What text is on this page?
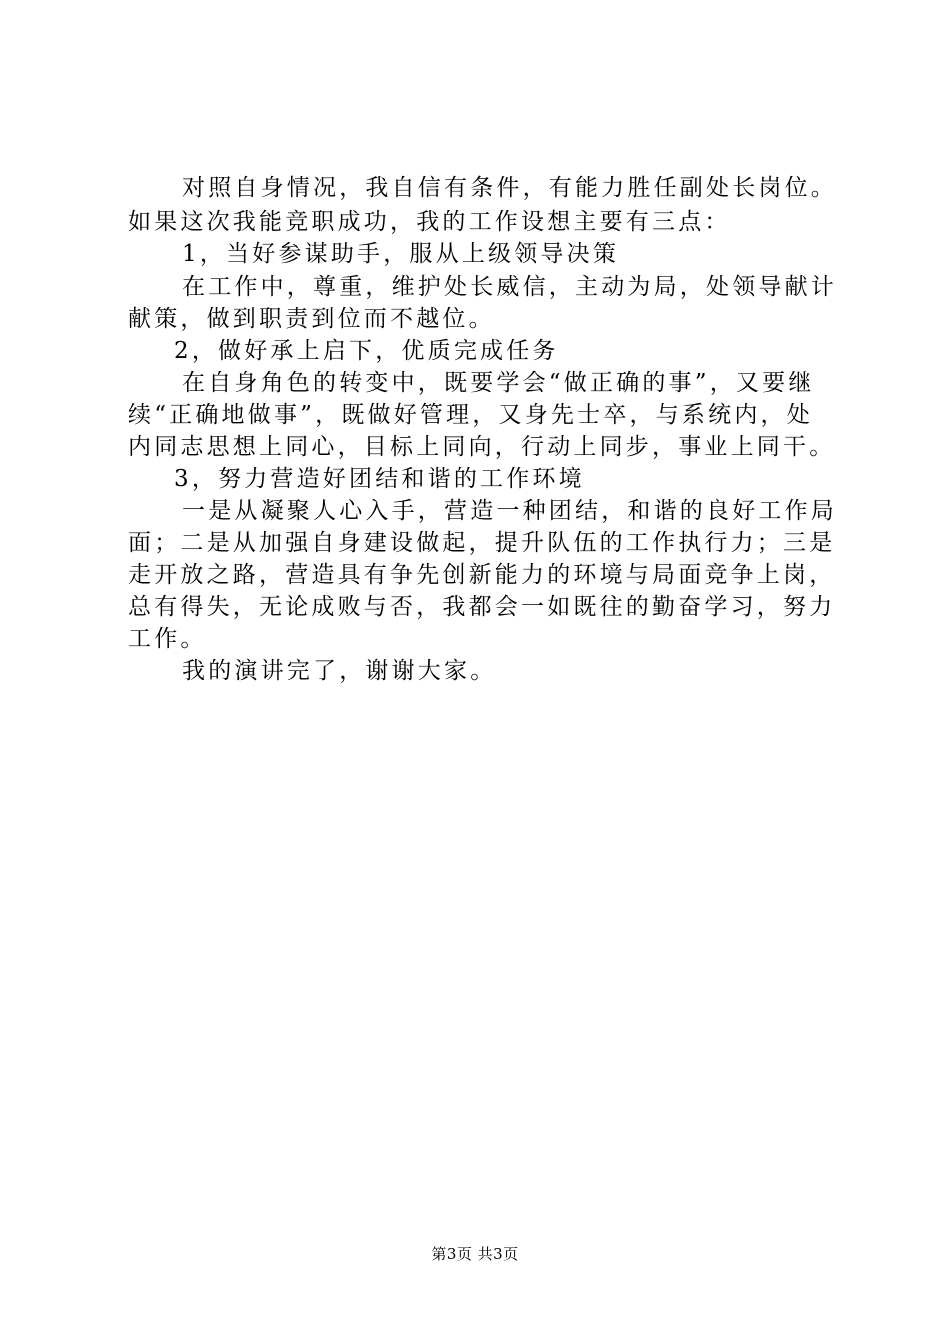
对照自身情况，我自信有条件，有能力胜任副处长岗位。
如果这次我能竞职成功，我的工作设想主要有三点：
1，当好参谋助手，服从上级领导决策
在工作中，尊重，维护处长威信，主动为局，处领导献计
献策，做到职责到位而不越位。
2，做好承上启下，优质完成任务
在自身角色的转变中，既要学会“做正确的事”，又要继
续“正确地做事”，既做好管理，又身先士卒，与系统内，处
内同志思想上同心，目标上同向，行动上同步，事业上同干。
3，努力营造好团结和谐的工作环境
一是从凝聚人心入手，营造一种团结，和谐的良好工作局
面；二是从加强自身建设做起，提升队伍的工作执行力；三是
走开放之路，营造具有争先创新能力的环境与局面竞争上岗，
总有得失，无论成败与否，我都会一如既往的勤奋学习，努力
工作。
我的演讲完了，谢谢大家。
第3页 共3页
